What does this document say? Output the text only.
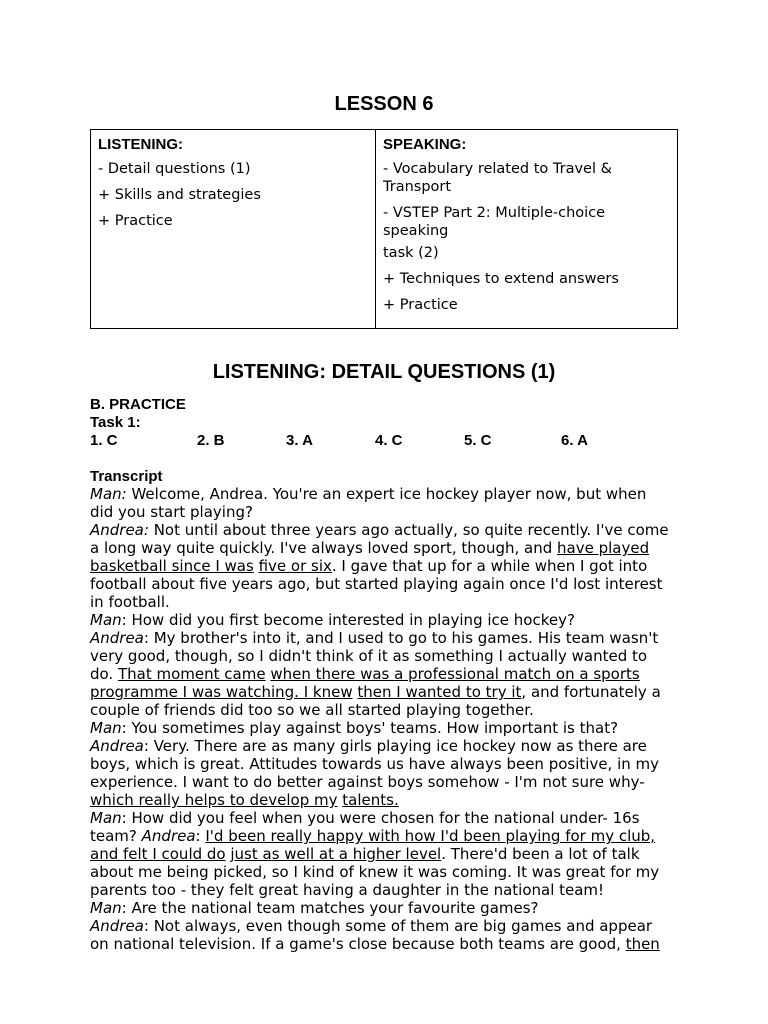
LESSON 6
LISTENING:
- Detail questions (1)
+ Skills and strategies
+ Practice

SPEAKING:
- Vocabulary related to Travel &
Transport
- VSTEP Part 2: Multiple-choice
speaking
task (2)
+ Techniques to extend answers
+ Practice
LISTENING: DETAIL QUESTIONS (1)
B. PRACTICE
Task 1:
1. C	2. B	3. A	4. C	5. C	6. A
Transcript
Man: Welcome, Andrea. You're an expert ice hockey player now, but when
did you start playing?
Andrea: Not until about three years ago actually, so quite recently. I've come
a long way quite quickly. I've always loved sport, though, and have played
basketball since I was five or six. I gave that up for a while when I got into
football about five years ago, but started playing again once I'd lost interest
in football.
Man: How did you first become interested in playing ice hockey?
Andrea: My brother's into it, and I used to go to his games. His team wasn't
very good, though, so I didn't think of it as something I actually wanted to
do. That moment came when there was a professional match on a sports
programme I was watching. I knew then I wanted to try it, and fortunately a
couple of friends did too so we all started playing together.
Man: You sometimes play against boys' teams. How important is that?
Andrea: Very. There are as many girls playing ice hockey now as there are
boys, which is great. Attitudes towards us have always been positive, in my
experience. I want to do better against boys somehow - I'm not sure why-
which really helps to develop my talents.
Man: How did you feel when you were chosen for the national under- 16s
team? Andrea: I'd been really happy with how I'd been playing for my club,
and felt I could do just as well at a higher level. There'd been a lot of talk
about me being picked, so I kind of knew it was coming. It was great for my
parents too - they felt great having a daughter in the national team!
Man: Are the national team matches your favourite games?
Andrea: Not always, even though some of them are big games and appear
on national television. If a game's close because both teams are good, then
